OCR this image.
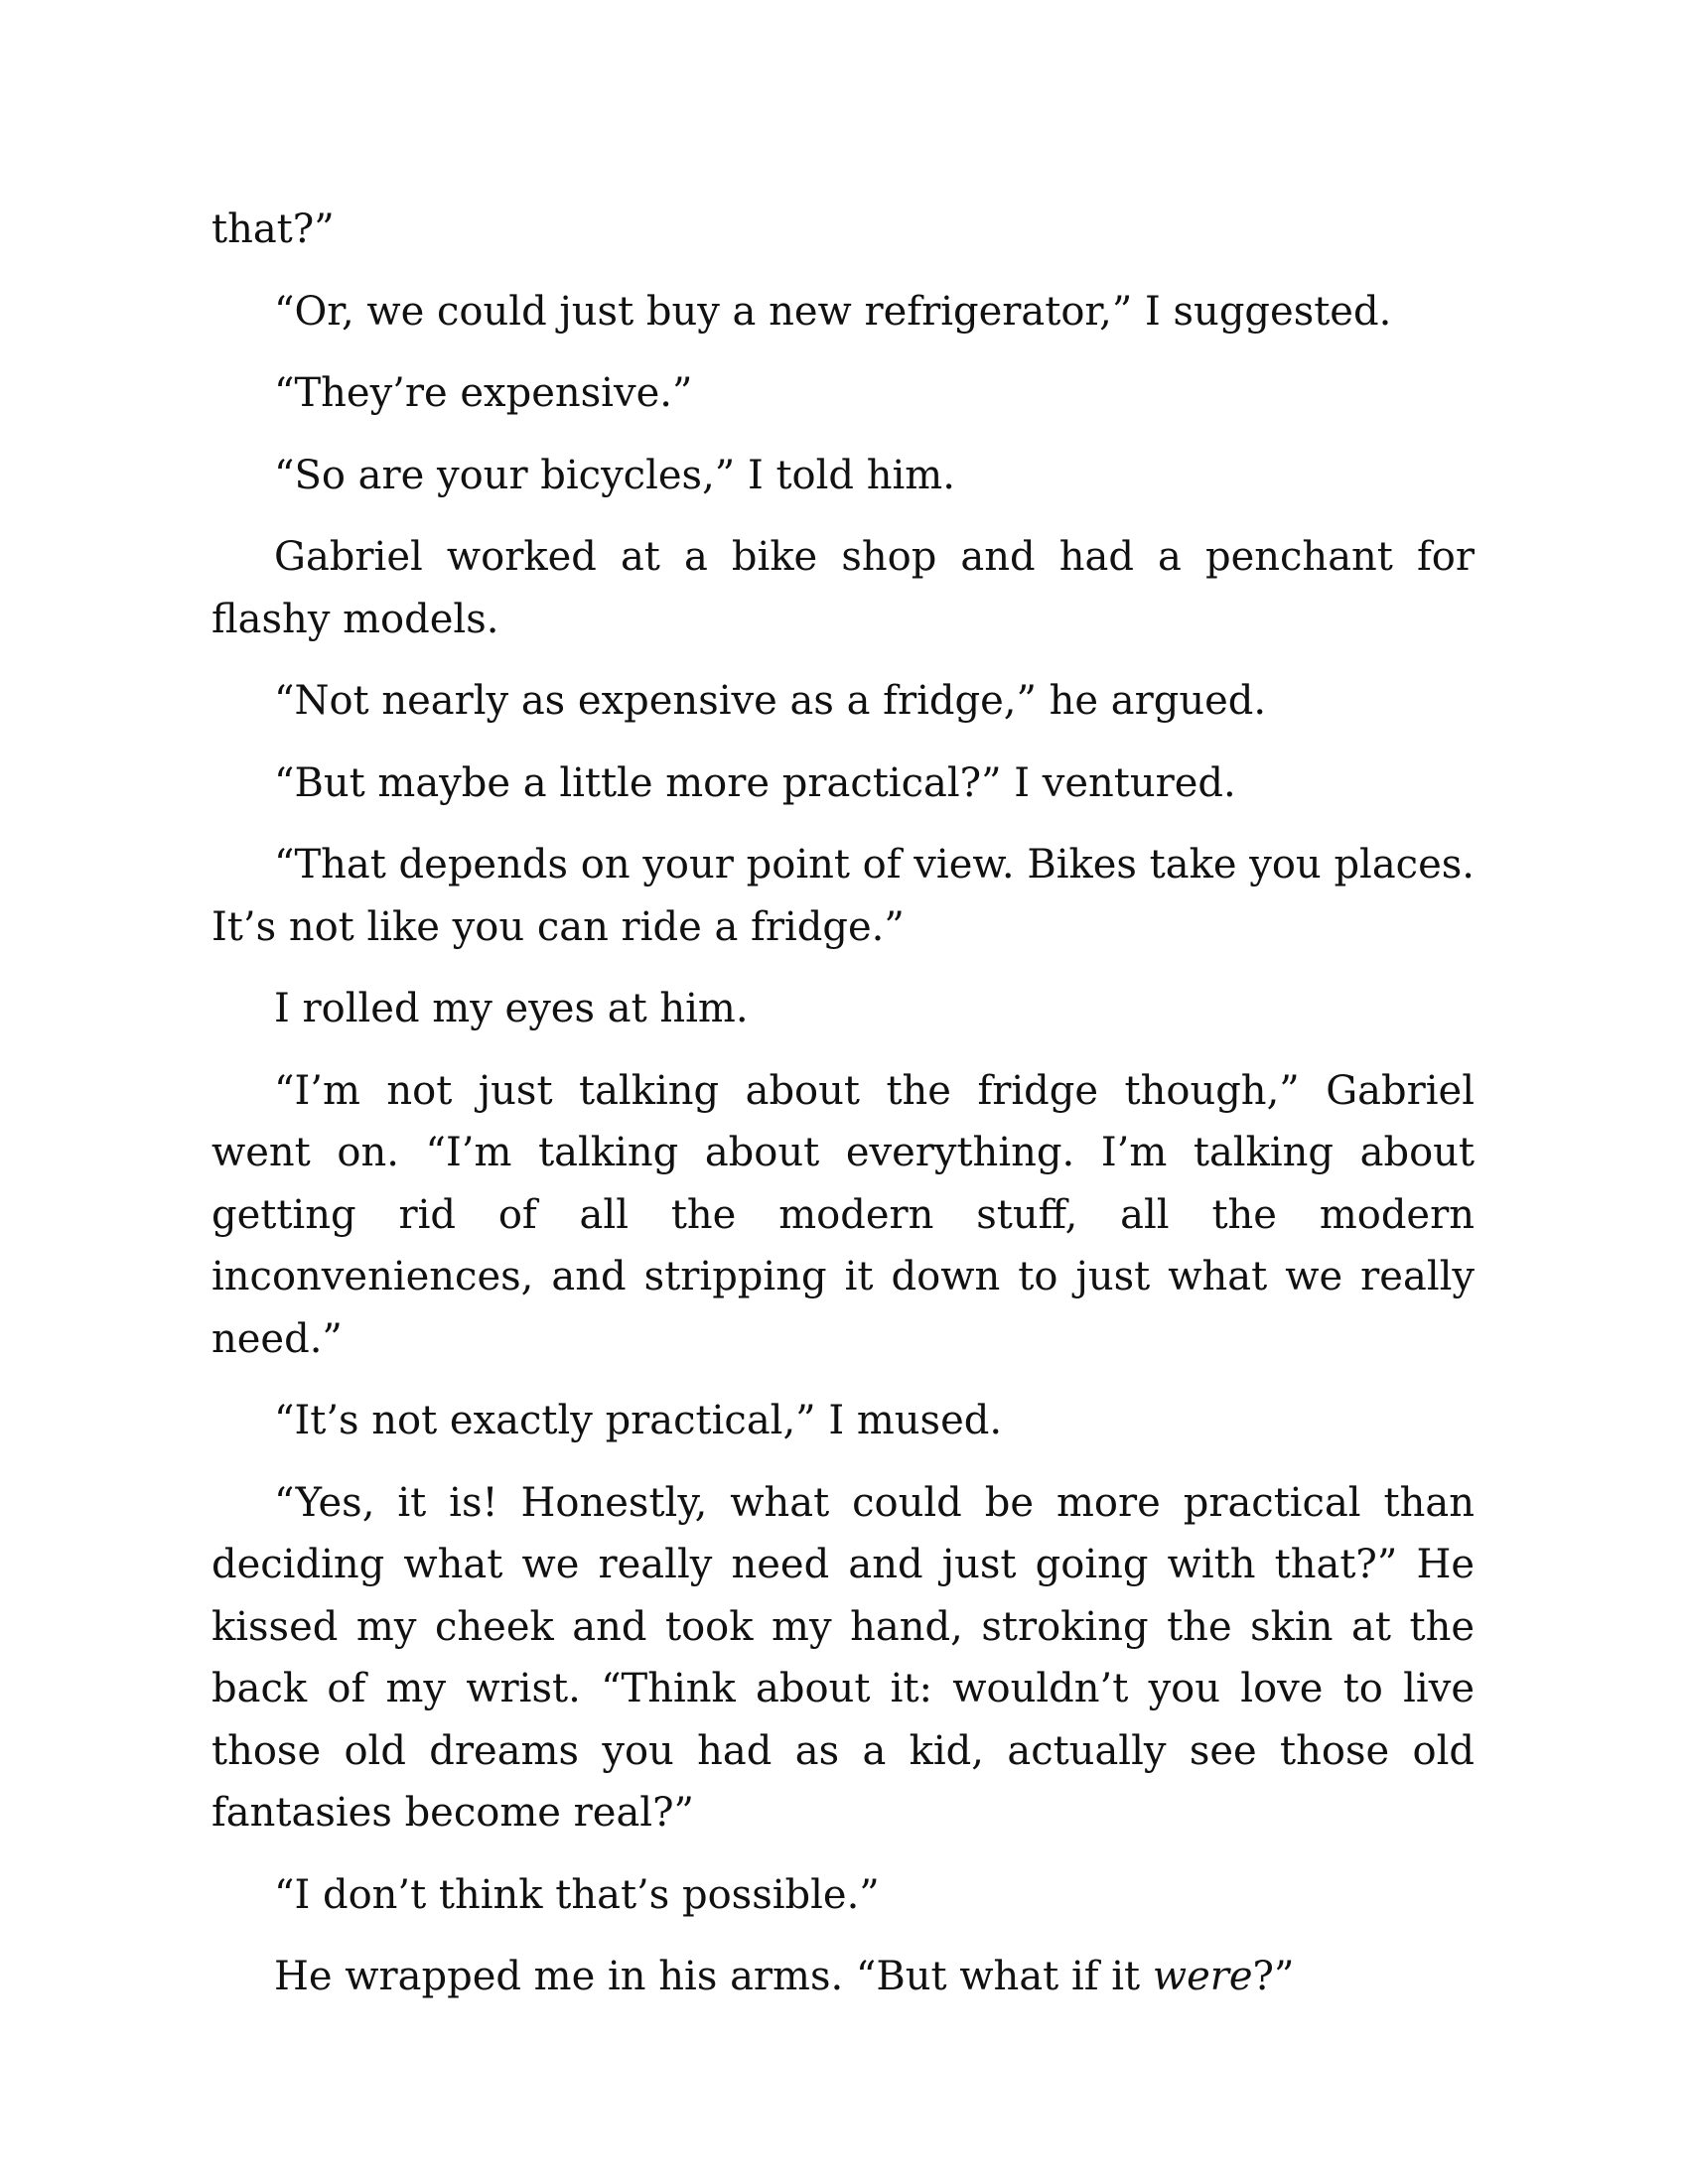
that?”

“Or, we could just buy a new refrigerator,” I suggested.

“They’re expensive.”

“So are your bicycles,” I told him.

Gabriel worked at a bike shop and had a penchant for flashy models.

“Not nearly as expensive as a fridge,” he argued.

“But maybe a little more practical?” I ventured.

“That depends on your point of view. Bikes take you places. It’s not like you can ride a fridge.”

I rolled my eyes at him.

“I’m not just talking about the fridge though,” Gabriel went on. “I’m talking about everything. I’m talking about getting rid of all the modern stuff, all the modern inconveniences, and stripping it down to just what we really need.”

“It’s not exactly practical,” I mused.

“Yes, it is! Honestly, what could be more practical than deciding what we really need and just going with that?” He kissed my cheek and took my hand, stroking the skin at the back of my wrist. “Think about it: wouldn’t you love to live those old dreams you had as a kid, actually see those old fantasies become real?”

“I don’t think that’s possible.”

He wrapped me in his arms. “But what if it were?”
